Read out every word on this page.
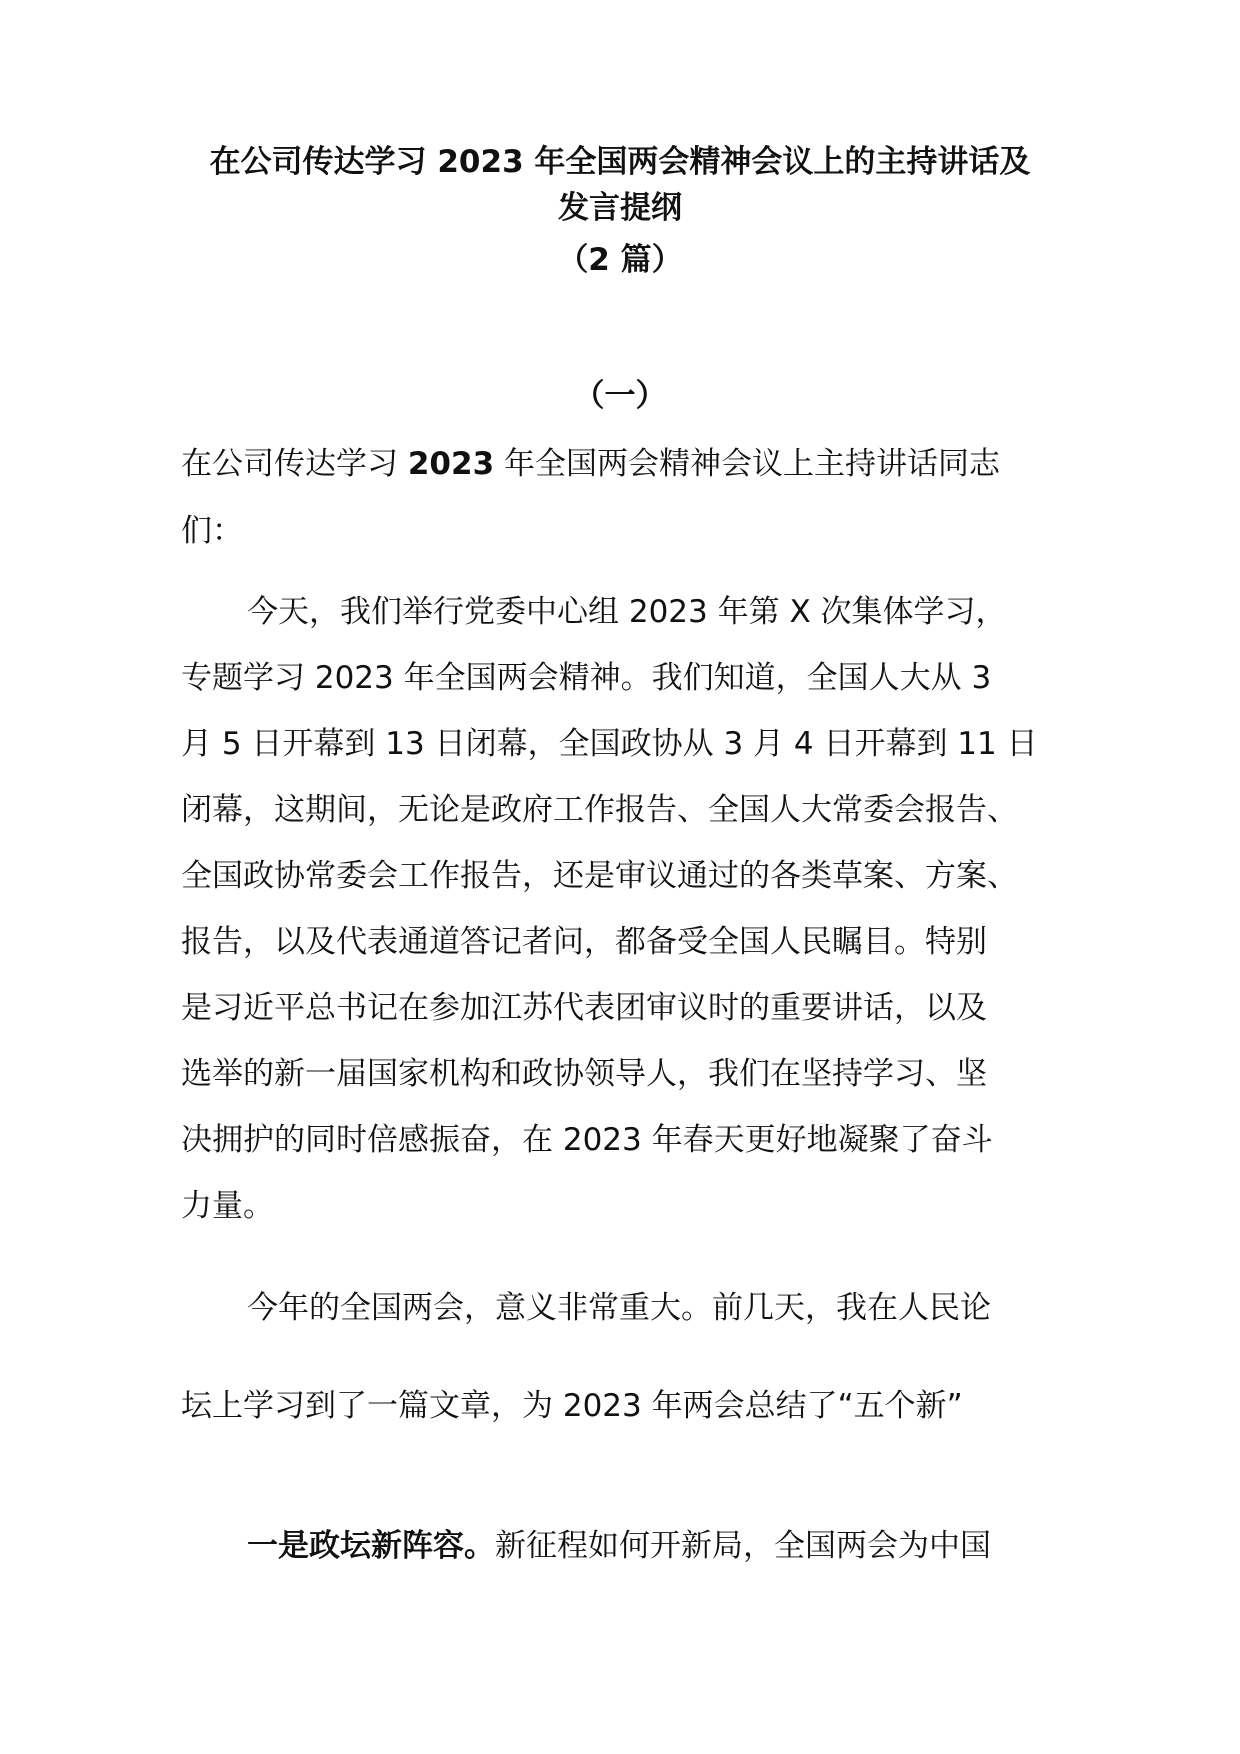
在公司传达学习 2023 年全国两会精神会议上的主持讲话及
发言提纲
（2 篇）
（一）
在公司传达学习 2023 年全国两会精神会议上主持讲话同志
们：
今天，我们举行党委中心组 2023 年第 X 次集体学习，
专题学习 2023 年全国两会精神。我们知道，全国人大从 3
月 5 日开幕到 13 日闭幕，全国政协从 3 月 4 日开幕到 11 日
闭幕，这期间，无论是政府工作报告、全国人大常委会报告、
全国政协常委会工作报告，还是审议通过的各类草案、方案、
报告，以及代表通道答记者问，都备受全国人民瞩目。特别
是习近平总书记在参加江苏代表团审议时的重要讲话，以及
选举的新一届国家机构和政协领导人，我们在坚持学习、坚
决拥护的同时倍感振奋，在 2023 年春天更好地凝聚了奋斗
力量。
今年的全国两会，意义非常重大。前几天，我在人民论
坛上学习到了一篇文章，为 2023 年两会总结了“五个新”
一是政坛新阵容。新征程如何开新局，全国两会为中国
